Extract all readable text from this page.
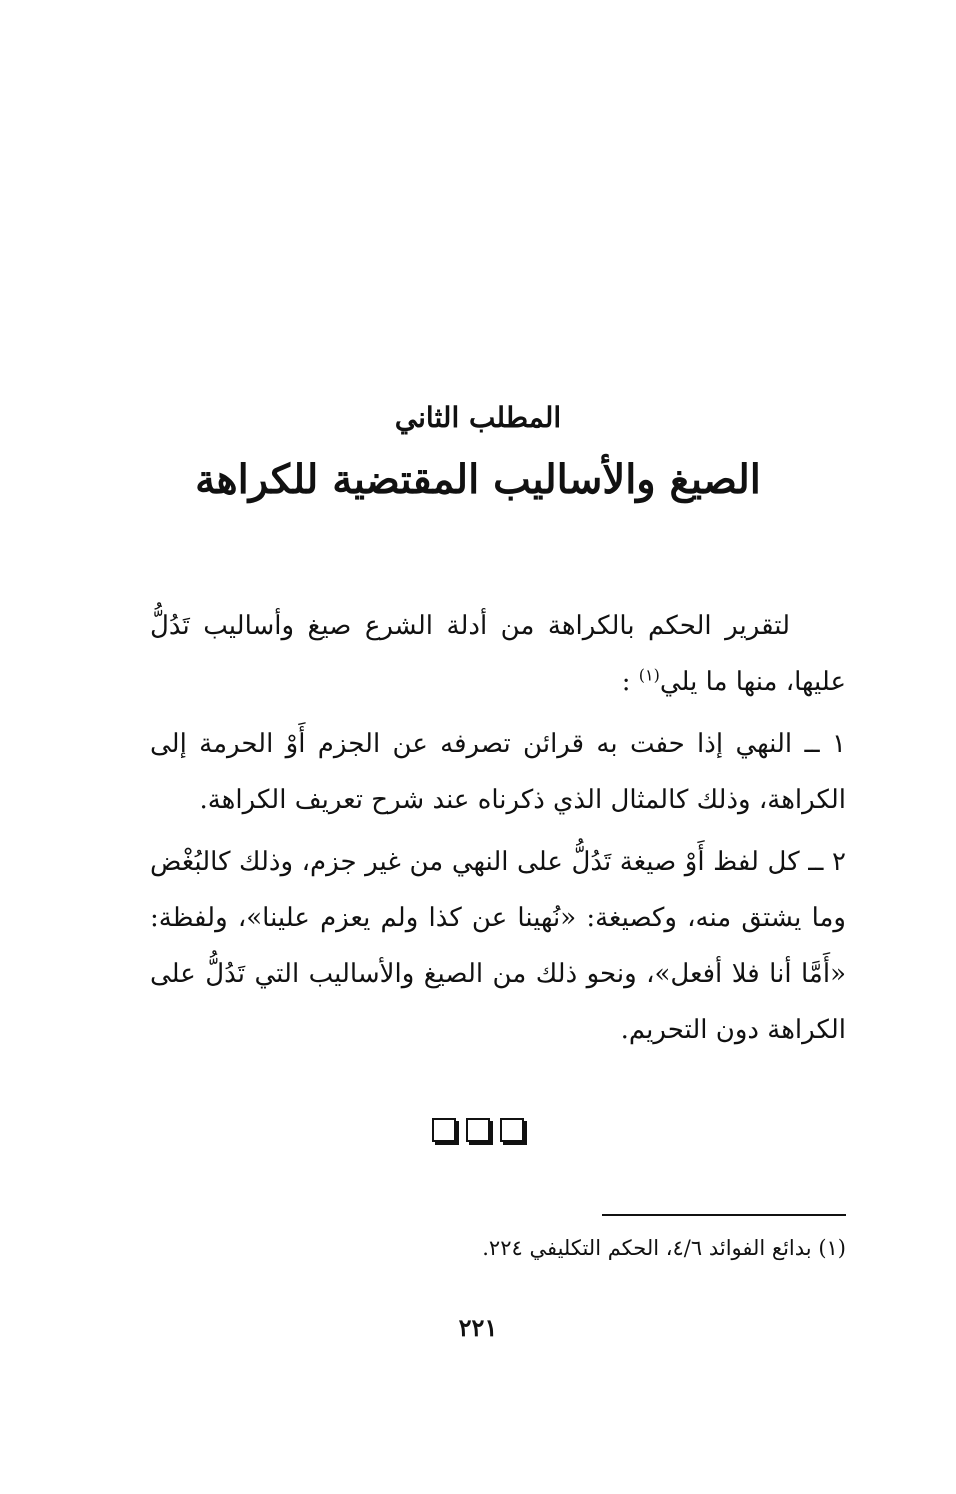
المطلب الثاني
الصيغ والأساليب المقتضية للكراهة
لتقرير الحكم بالكراهة من أدلة الشرع صيغ وأساليب تَدُلُّ عليها، منها ما يلي$^{(١)}$ :
١ ــ النهي إذا حفت به قرائن تصرفه عن الجزم أَوْ الحرمة إلى الكراهة، وذلك كالمثال الذي ذكرناه عند شرح تعريف الكراهة.
٢ ــ كل لفظ أَوْ صيغة تَدُلُّ على النهي من غير جزم، وذلك كالبُغْض وما يشتق منه، وكصيغة: «نُهينا عن كذا ولم يعزم علينا»، ولفظة: «أَمَّا أنا فلا أفعل»، ونحو ذلك من الصيغ والأساليب التي تَدُلُّ على الكراهة دون التحريم.
(١) بدائع الفوائد ٤/٦، الحكم التكليفي ٢٢٤.
٢٢١
